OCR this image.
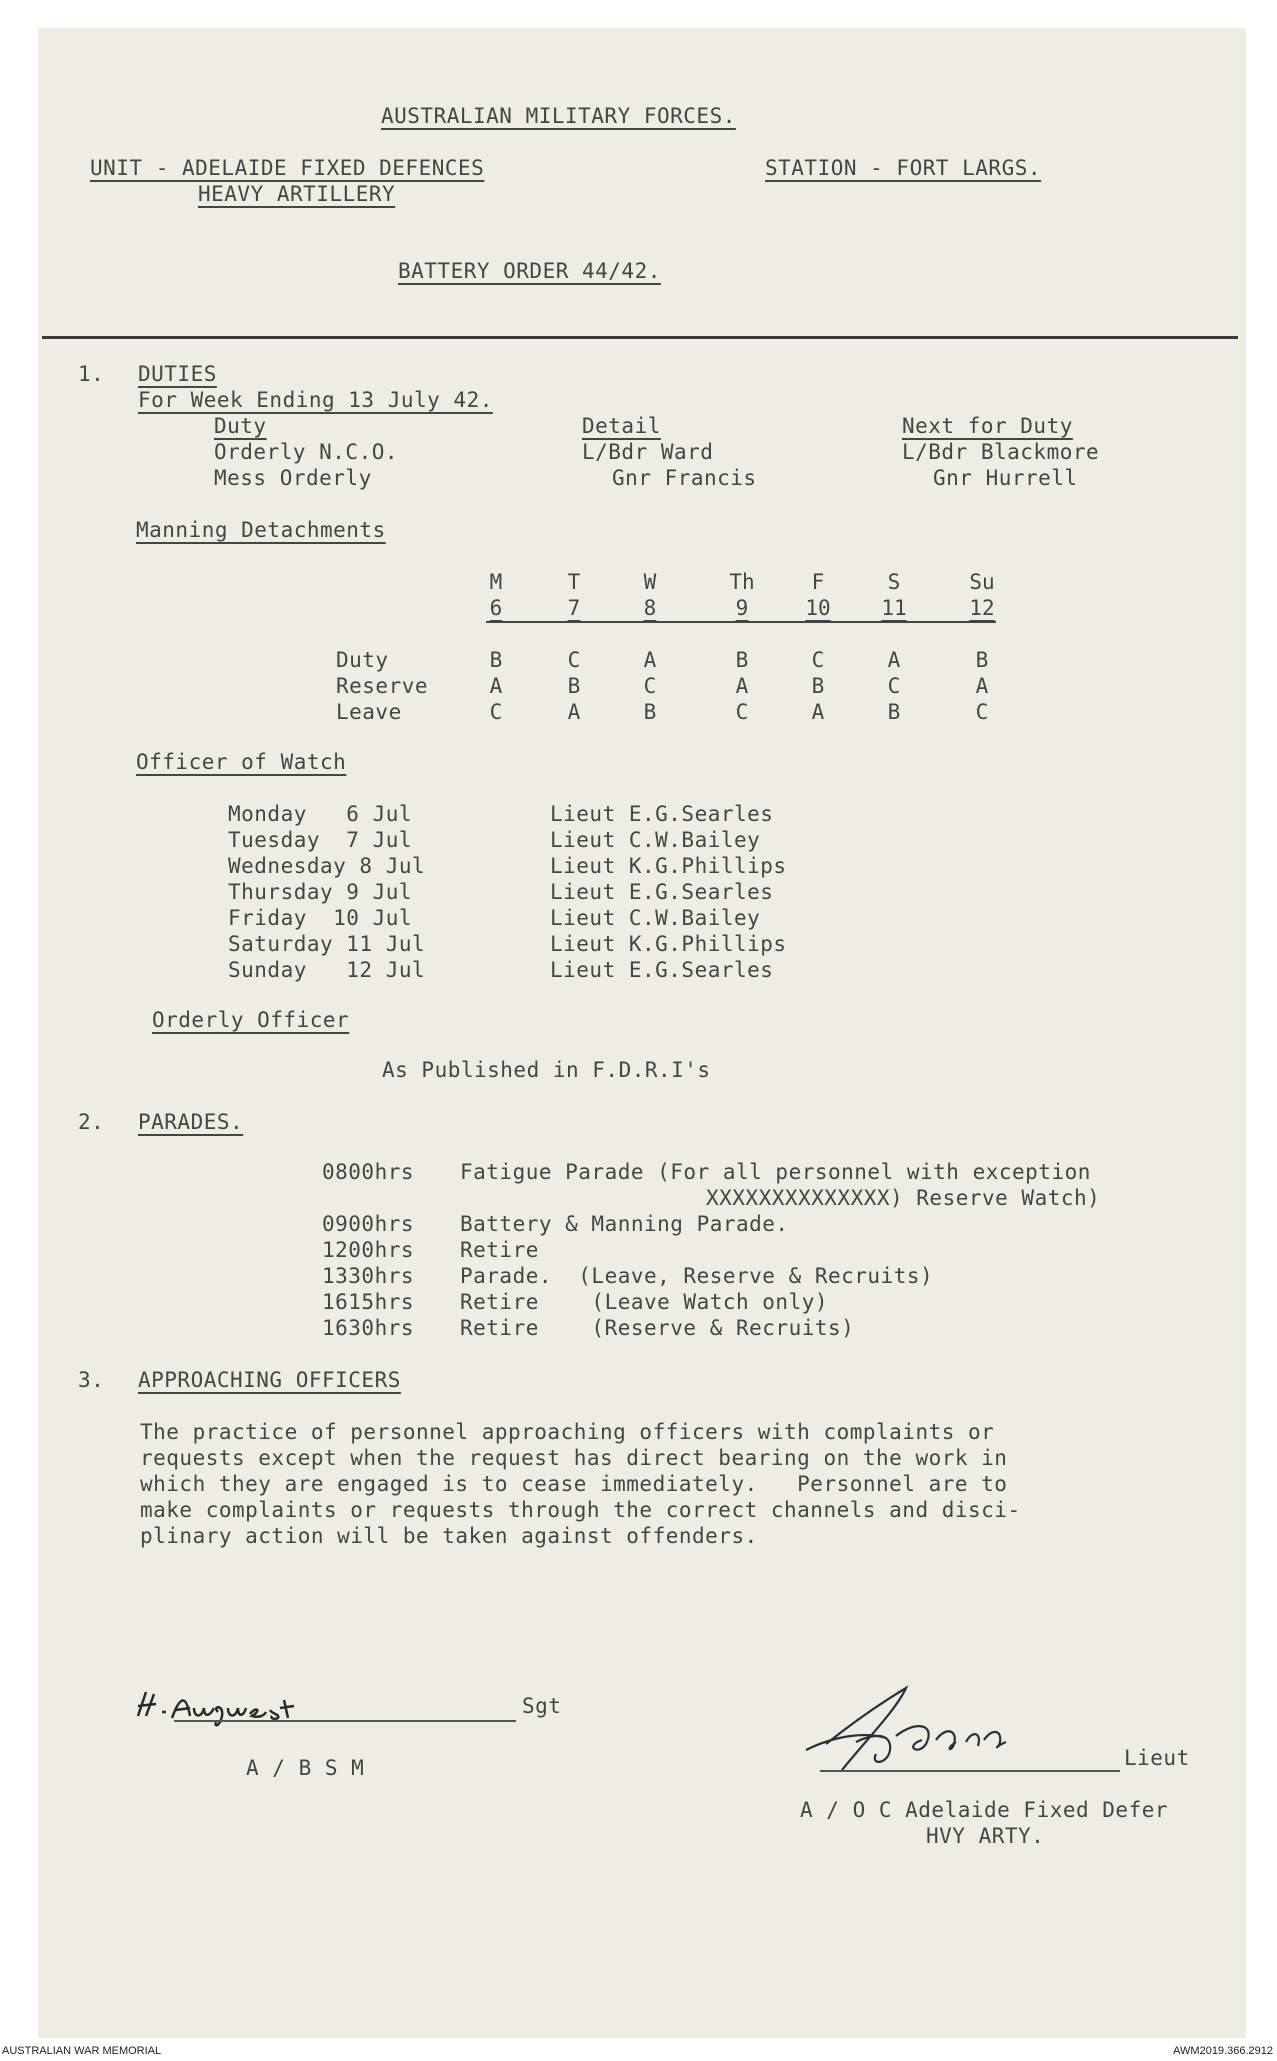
AUSTRALIAN MILITARY FORCES.
UNIT - ADELAIDE FIXED DEFENCES
HEAVY ARTILLERY
STATION - FORT LARGS.
BATTERY ORDER 44/42.
1. DUTIES
For Week Ending 13 July 42.
Duty	Detail	Next for Duty
Orderly N.C.O.	L/Bdr Ward	L/Bdr Blackmore
Mess Orderly	Gnr Francis	Gnr Hurrell
Manning Detachments
M	T	W	Th	F	S	Su
6	7	8	9	10	11	12
Duty	B	C	A	B	C	A	B
Reserve	A	B	C	A	B	C	A
Leave	C	A	B	C	A	B	C
Officer of Watch
Monday   6 Jul	Lieut E.G.Searles
Tuesday  7 Jul	Lieut C.W.Bailey
Wednesday 8 Jul	Lieut K.G.Phillips
Thursday 9 Jul	Lieut E.G.Searles
Friday  10 Jul	Lieut C.W.Bailey
Saturday 11 Jul	Lieut K.G.Phillips
Sunday   12 Jul	Lieut E.G.Searles
Orderly Officer
As Published in F.D.R.I's
2. PARADES.
0800hrs Fatigue Parade (For all personnel with exception
XXXXXXXXXXXXXX) Reserve Watch)
0900hrs Battery & Manning Parade.
1200hrs Retire
1330hrs Parade.  (Leave, Reserve & Recruits)
1615hrs Retire    (Leave Watch only)
1630hrs Retire    (Reserve & Recruits)
3. APPROACHING OFFICERS
The practice of personnel approaching officers with complaints or
requests except when the request has direct bearing on the work in
which they are engaged is to cease immediately.   Personnel are to
make complaints or requests through the correct channels and disci-
plinary action will be taken against offenders.
Sgt
A / B S M	Lieut
A / O C Adelaide Fixed Defer
HVY ARTY.
AUSTRALIAN WAR MEMORIAL	AWM2019.366.2912
